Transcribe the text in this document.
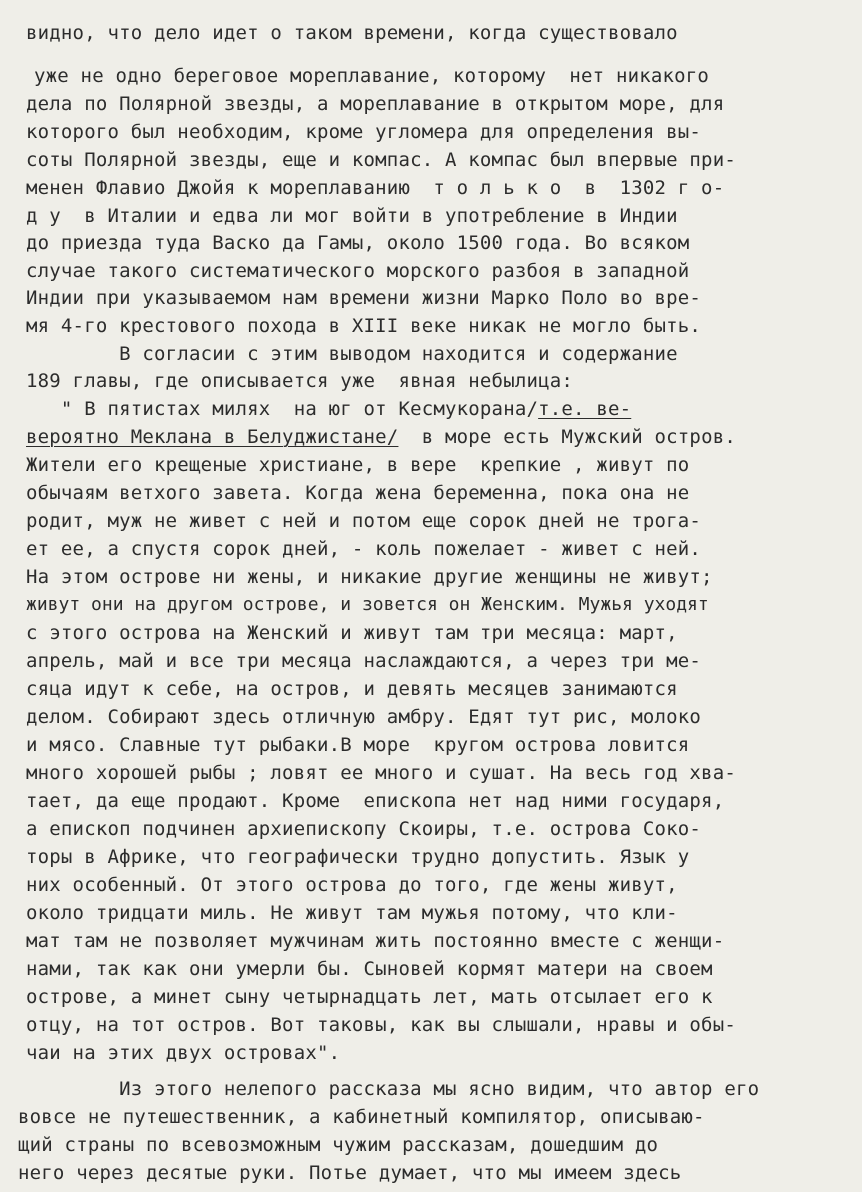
видно, что дело идет о таком времени, когда существовало
уже не одно береговое мореплавание, которому  нет никакого
дела по Полярной звезды, а мореплавание в открытом море, для
которого был необходим, кроме угломера для определения вы-
соты Полярной звезды, еще и компас. А компас был впервые при-
менен Флавио Джойя к мореплаванию  т о л ь к о  в  1302 г о-
д у  в Италии и едва ли мог войти в употребление в Индии
до приезда туда Васко да Гамы, около 1500 года. Во всяком
случае такого систематического морского разбоя в западной
Индии при указываемом нам времени жизни Марко Поло во вре-
мя 4-го крестового похода в XIII веке никак не могло быть.
В согласии с этим выводом находится и содержание
189 главы, где описывается уже  явная небылица:
" В пятистах милях  на юг от Кесмукорана/т.е. ве-
вероятно Меклана в Белуджистане/ в море есть Мужский остров.
Жители его крещеные христиане, в вере  крепкие , живут по
обычаям ветхого завета. Когда жена беременна, пока она не
родит, муж не живет с ней и потом еще сорок дней не трога-
ет ее, а спустя сорок дней, - коль пожелает - живет с ней.
На этом острове ни жены, и никакие другие женщины не живут;
живут они на другом острове, и зовется он Женским. Мужья уходят
с этого острова на Женский и живут там три месяца: март,
апрель, май и все три месяца наслаждаются, а через три ме-
сяца идут к себе, на остров, и девять месяцев занимаются
делом. Собирают здесь отличную амбру. Едят тут рис, молоко
и мясо. Славные тут рыбаки.В море  кругом острова ловится
много хорошей рыбы ; ловят ее много и сушат. На весь год хва-
тает, да еще продают. Кроме  епископа нет над ними государя,
а епископ подчинен архиепископу Скоиры, т.е. острова Соко-
торы в Африке, что географически трудно допустить. Язык у
них особенный. От этого острова до того, где жены живут,
около тридцати миль. Не живут там мужья потому, что кли-
мат там не позволяет мужчинам жить постоянно вместе с женщи-
нами, так как они умерли бы. Сыновей кормят матери на своем
острове, а минет сыну четырнадцать лет, мать отсылает его к
отцу, на тот остров. Вот таковы, как вы слышали, нравы и обы-
чаи на этих двух островах".
Из этого нелепого рассказа мы ясно видим, что автор его
вовсе не путешественник, а кабинетный компилятор, описываю-
щий страны по всевозможным чужим рассказам, дошедшим до
него через десятые руки. Потье думает, что мы имеем здесь
